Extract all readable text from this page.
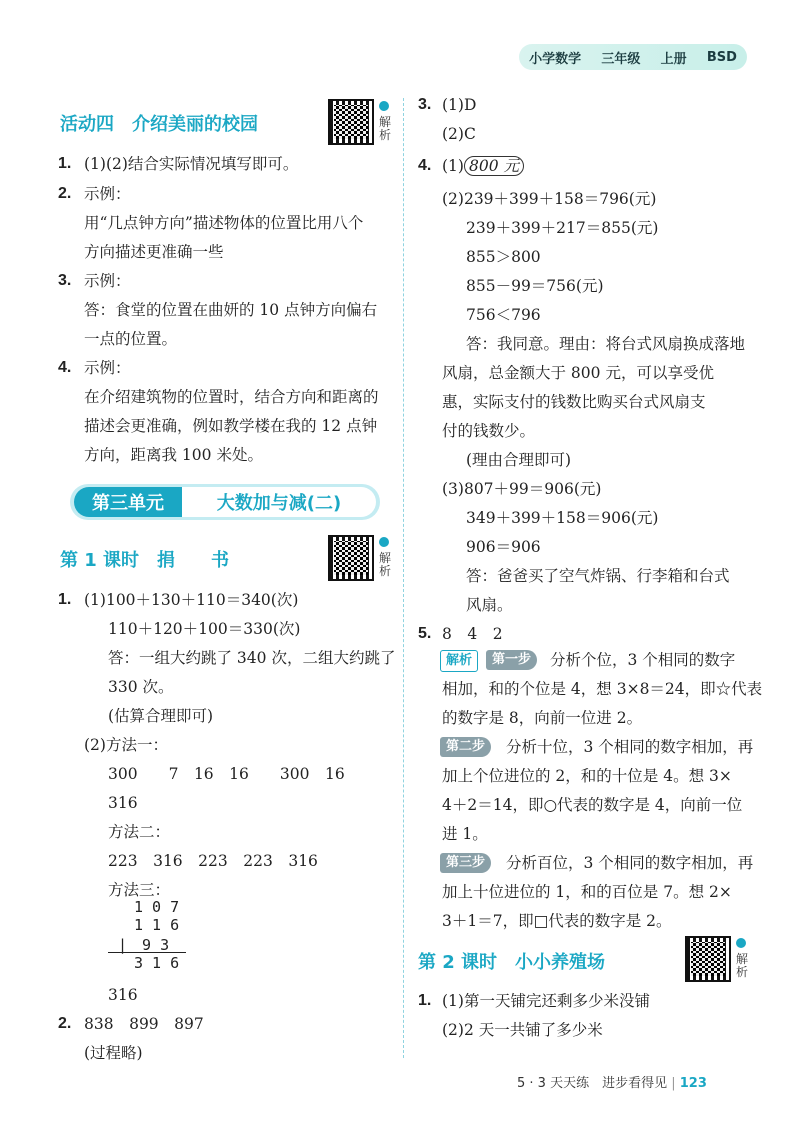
小学数学 三年级 上册 BSD
活动四　介绍美丽的校园	解析
1. (1)(2)结合实际情况填写即可。
2. 示例：
用“几点钟方向”描述物体的位置比用八个
方向描述更准确一些
3. 示例：
答：食堂的位置在曲妍的 10 点钟方向偏右
一点的位置。
4. 示例：
在介绍建筑物的位置时，结合方向和距离的
描述会更准确，例如教学楼在我的 12 点钟
方向，距离我 100 米处。
第三单元	大数加与减(二)
第 1 课时　捐　　书	解析
1. (1)100＋130＋110＝340(次)
110＋120＋100＝330(次)
答：一组大约跳了 340 次，二组大约跳了
330 次。
(估算合理即可)
(2)方法一：
300　　7　16　16　　300　16
316
方法二：
223　316　223　223　316
方法三：
1 0 7
1 1 6
|　9 3
3 1 6
316
2. 838　899　897
(过程略)
3. (1)D
(2)C
4. (1) 800 元
(2)239＋399＋158＝796(元)
239＋399＋217＝855(元)
855＞800
855－99＝756(元)
756＜796
答：我同意。理由：将台式风扇换成落地
风扇，总金额大于 800 元，可以享受优
惠，实际支付的钱数比购买台式风扇支
付的钱数少。
(理由合理即可)
(3)807＋99＝906(元)
349＋399＋158＝906(元)
906＝906
答：爸爸买了空气炸锅、行李箱和台式
风扇。
5. 8　4　2
解析	第一步	分析个位，3 个相同的数字
相加，和的个位是 4，想 3×8＝24，即☆代表
的数字是 8，向前一位进 2。
第二步	分析十位，3 个相同的数字相加，再
加上个位进位的 2，和的十位是 4。想 3×
4＋2＝14，即○代表的数字是 4，向前一位
进 1。
第三步	分析百位，3 个相同的数字相加，再
加上十位进位的 1，和的百位是 7。想 2×
3＋1＝7，即□代表的数字是 2。
第 2 课时　小小养殖场	解析
1. (1)第一天铺完还剩多少米没铺
(2)2 天一共铺了多少米
5 · 3 天天练　进步看得见 | 123
